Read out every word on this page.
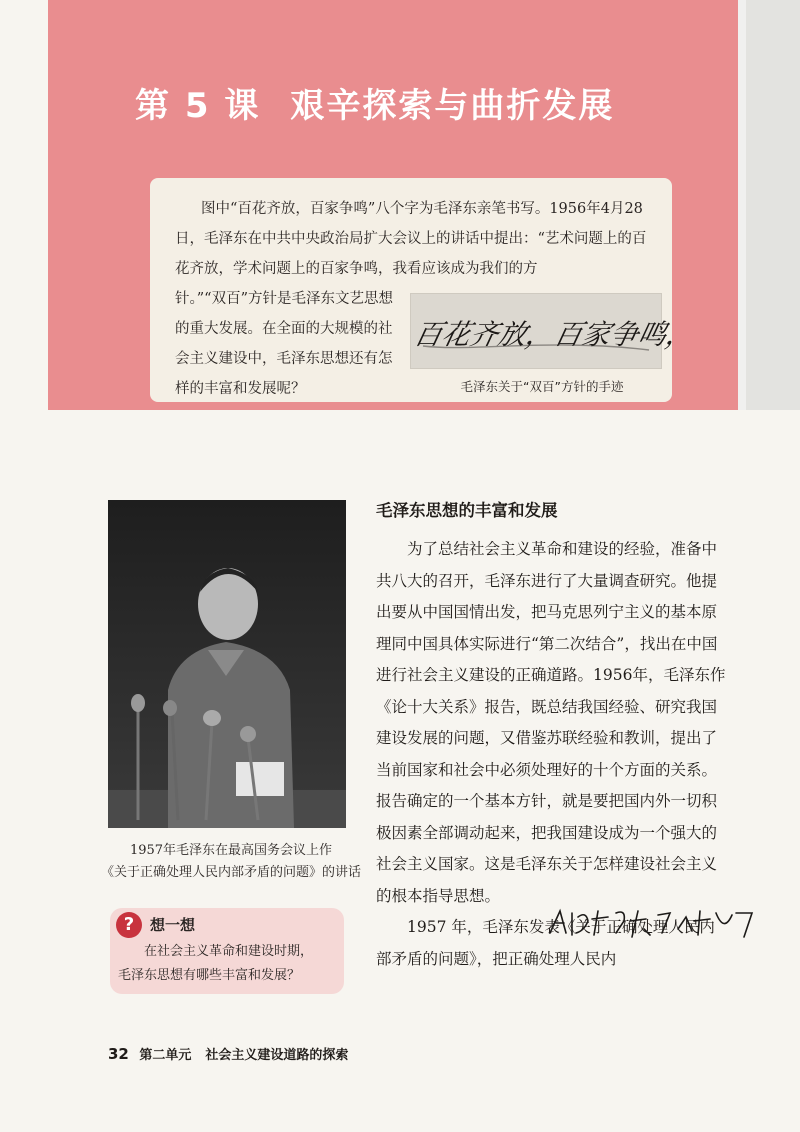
第 5 课 艰辛探索与曲折发展
图中“百花齐放，百家争鸣”八个字为毛泽东亲笔书写。1956年4月28日，毛泽东在中共中央政治局扩大会议上的讲话中提出：“艺术问题上的百花齐放，学术问题上的百家争鸣，我看应该成为我们的方
针。”“双百”方针是毛泽东文艺思想的重大发展。在全面的大规模的社会主义建设中，毛泽东思想还有怎样的丰富和发展呢？
百花齐放，百家争鸣，
毛泽东关于“双百”方针的手迹
1957年毛泽东在最高国务会议上作
《关于正确处理人民内部矛盾的问题》的讲话
?	想一想
在社会主义革命和建设时期，
毛泽东思想有哪些丰富和发展？
毛泽东思想的丰富和发展

为了总结社会主义革命和建设的经验，准备中共八大的召开，毛泽东进行了大量调查研究。他提出要从中国国情出发，把马克思列宁主义的基本原理同中国具体实际进行“第二次结合”，找出在中国进行社会主义建设的正确道路。1956年，毛泽东作《论十大关系》报告，既总结我国经验、研究我国建设发展的问题，又借鉴苏联经验和教训，提出了当前国家和社会中必须处理好的十个方面的关系。报告确定的一个基本方针，就是要把国内外一切积极因素全部调动起来，把我国建设成为一个强大的社会主义国家。这是毛泽东关于怎样建设社会主义的根本指导思想。

1957 年，毛泽东发表《关于正确处理人民内部矛盾的问题》，把正确处理人民内

开路与动力（工业化）
32 第二单元 社会主义建设道路的探索
